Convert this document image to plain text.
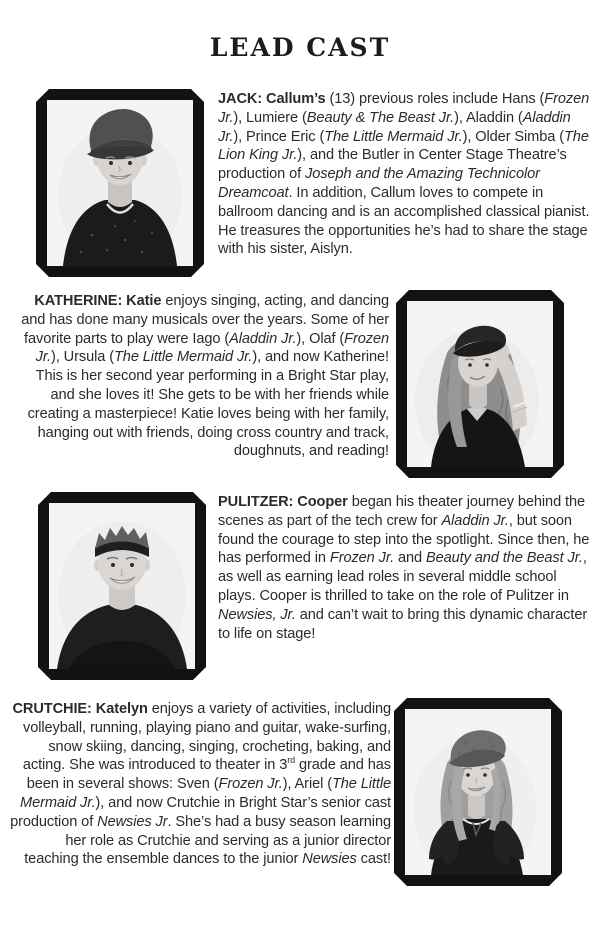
LEAD CAST

JACK: Callum’s (13) previous roles include Hans (Frozen Jr.), Lumiere (Beauty & The Beast Jr.), Aladdin (Aladdin Jr.), Prince Eric (The Little Mermaid Jr.), Older Simba (The Lion King Jr.), and the Butler in Center Stage Theatre’s production of Joseph and the Amazing Technicolor Dreamcoat. In addition, Callum loves to compete in ballroom dancing and is an accomplished classical pianist. He treasures the opportunities he’s had to share the stage with his sister, Aislyn.

KATHERINE: Katie enjoys singing, acting, and dancing and has done many musicals over the years. Some of her favorite parts to play were Iago (Aladdin Jr.), Olaf (Frozen Jr.), Ursula (The Little Mermaid Jr.), and now Katherine! This is her second year performing in a Bright Star play, and she loves it! She gets to be with her friends while creating a masterpiece! Katie loves being with her family, hanging out with friends, doing cross country and track, doughnuts, and reading!

PULITZER: Cooper began his theater journey behind the scenes as part of the tech crew for Aladdin Jr., but soon found the courage to step into the spotlight. Since then, he has performed in Frozen Jr. and Beauty and the Beast Jr., as well as earning lead roles in several middle school plays. Cooper is thrilled to take on the role of Pulitzer in Newsies, Jr. and can’t wait to bring this dynamic character to life on stage!

CRUTCHIE: Katelyn enjoys a variety of activities, including volleyball, running, playing piano and guitar, wake-surfing, snow skiing, dancing, singing, crocheting, baking, and acting. She was introduced to theater in 3rd grade and has been in several shows: Sven (Frozen Jr.), Ariel (The Little Mermaid Jr.), and now Crutchie in Bright Star’s senior cast production of Newsies Jr. She’s had a busy season learning her role as Crutchie and serving as a junior director teaching the ensemble dances to the junior Newsies cast!
